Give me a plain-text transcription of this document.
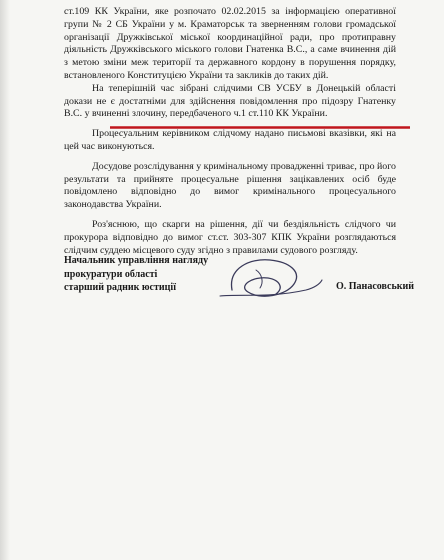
ст.109 КК України, яке розпочато 02.02.2015 за інформацією оперативної групи № 2 СБ України у м. Краматорськ та зверненням голови громадської організації Дружківської міської координаційної ради, про протиправну діяльність Дружківського міського голови Гнатенка В.С., а саме вчинення дій з метою зміни меж території та державного кордону в порушення порядку, встановленого Конституцією України та закликів до таких дій.

На теперішній час зібрані слідчими СВ УСБУ в Донецькій області докази не є достатніми для здійснення повідомлення про підозру Гнатенку В.С. у вчиненні злочину, передбаченого ч.1 ст.110 КК України.

Процесуальним керівником слідчому надано письмові вказівки, які на цей час виконуються.

Досудове розслідування у кримінальному провадженні триває, про його результати та прийняте процесуальне рішення зацікавлених осіб буде повідомлено відповідно до вимог кримінального процесуального законодавства України.

Роз'яснюю, що скарги на рішення, дії чи бездіяльність слідчого чи прокурора відповідно до вимог ст.ст. 303-307 КПК України розглядаються слідчим суддею місцевого суду згідно з правилами судового розгляду.

Начальник управління нагляду
прокуратури області
старший радник юстиції	О. Панасовський
